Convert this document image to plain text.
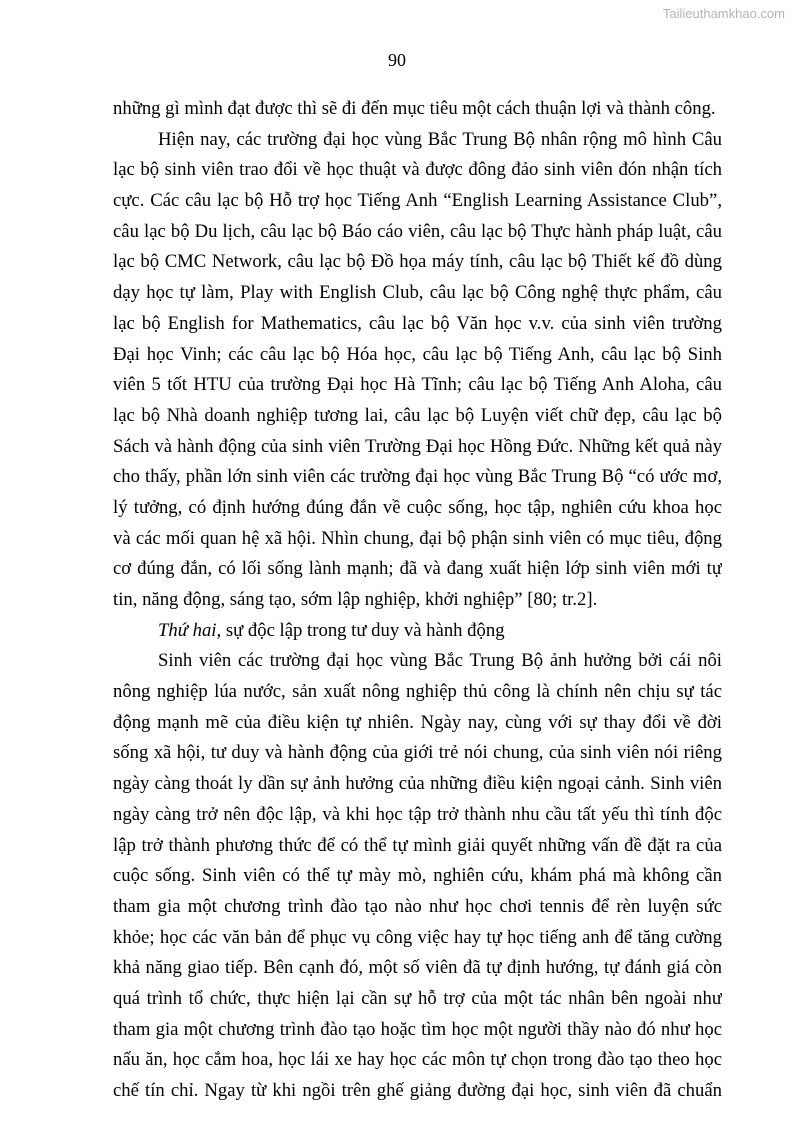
Tailieuthamkhao.com
90
những gì mình đạt được thì sẽ đi đến mục tiêu một cách thuận lợi và thành công.
Hiện nay, các trường đại học vùng Bắc Trung Bộ nhân rộng mô hình Câu
lạc bộ sinh viên trao đổi về học thuật và được đông đảo sinh viên đón nhận tích
cực. Các câu lạc bộ Hỗ trợ học Tiếng Anh “English Learning Assistance Club”,
câu lạc bộ Du lịch, câu lạc bộ Báo cáo viên, câu lạc bộ Thực hành pháp luật, câu
lạc bộ CMC Network, câu lạc bộ Đồ họa máy tính, câu lạc bộ Thiết kế đồ dùng
dạy học tự làm, Play with English Club, câu lạc bộ Công nghệ thực phẩm, câu
lạc bộ English for Mathematics, câu lạc bộ Văn học v.v. của sinh viên trường
Đại học Vinh; các câu lạc bộ Hóa học, câu lạc bộ Tiếng Anh, câu lạc bộ Sinh
viên 5 tốt HTU của trường Đại học Hà Tĩnh; câu lạc bộ Tiếng Anh Aloha, câu
lạc bộ Nhà doanh nghiệp tương lai, câu lạc bộ Luyện viết chữ đẹp, câu lạc bộ
Sách và hành động của sinh viên Trường Đại học Hồng Đức. Những kết quả này
cho thấy, phần lớn sinh viên các trường đại học vùng Bắc Trung Bộ “có ước mơ,
lý tưởng, có định hướng đúng đắn về cuộc sống, học tập, nghiên cứu khoa học
và các mối quan hệ xã hội. Nhìn chung, đại bộ phận sinh viên có mục tiêu, động
cơ đúng đắn, có lối sống lành mạnh; đã và đang xuất hiện lớp sinh viên mới tự
tin, năng động, sáng tạo, sớm lập nghiệp, khởi nghiệp” [80; tr.2].
Thứ hai, sự độc lập trong tư duy và hành động
Sinh viên các trường đại học vùng Bắc Trung Bộ ảnh hưởng bởi cái nôi
nông nghiệp lúa nước, sản xuất nông nghiệp thủ công là chính nên chịu sự tác
động mạnh mẽ của điều kiện tự nhiên. Ngày nay, cùng với sự thay đổi về đời
sống xã hội, tư duy và hành động của giới trẻ nói chung, của sinh viên nói riêng
ngày càng thoát ly dần sự ảnh hưởng của những điều kiện ngoại cảnh. Sinh viên
ngày càng trở nên độc lập, và khi học tập trở thành nhu cầu tất yếu thì tính độc
lập trở thành phương thức để có thể tự mình giải quyết những vấn đề đặt ra của
cuộc sống. Sinh viên có thể tự mày mò, nghiên cứu, khám phá mà không cần
tham gia một chương trình đào tạo nào như học chơi tennis để rèn luyện sức
khỏe; học các văn bản để phục vụ công việc hay tự học tiếng anh để tăng cường
khả năng giao tiếp. Bên cạnh đó, một số viên đã tự định hướng, tự đánh giá còn
quá trình tổ chức, thực hiện lại cần sự hỗ trợ của một tác nhân bên ngoài như
tham gia một chương trình đào tạo hoặc tìm học một người thầy nào đó như học
nấu ăn, học cắm hoa, học lái xe hay học các môn tự chọn trong đào tạo theo học
chế tín chỉ. Ngay từ khi ngồi trên ghế giảng đường đại học, sinh viên đã chuẩn
